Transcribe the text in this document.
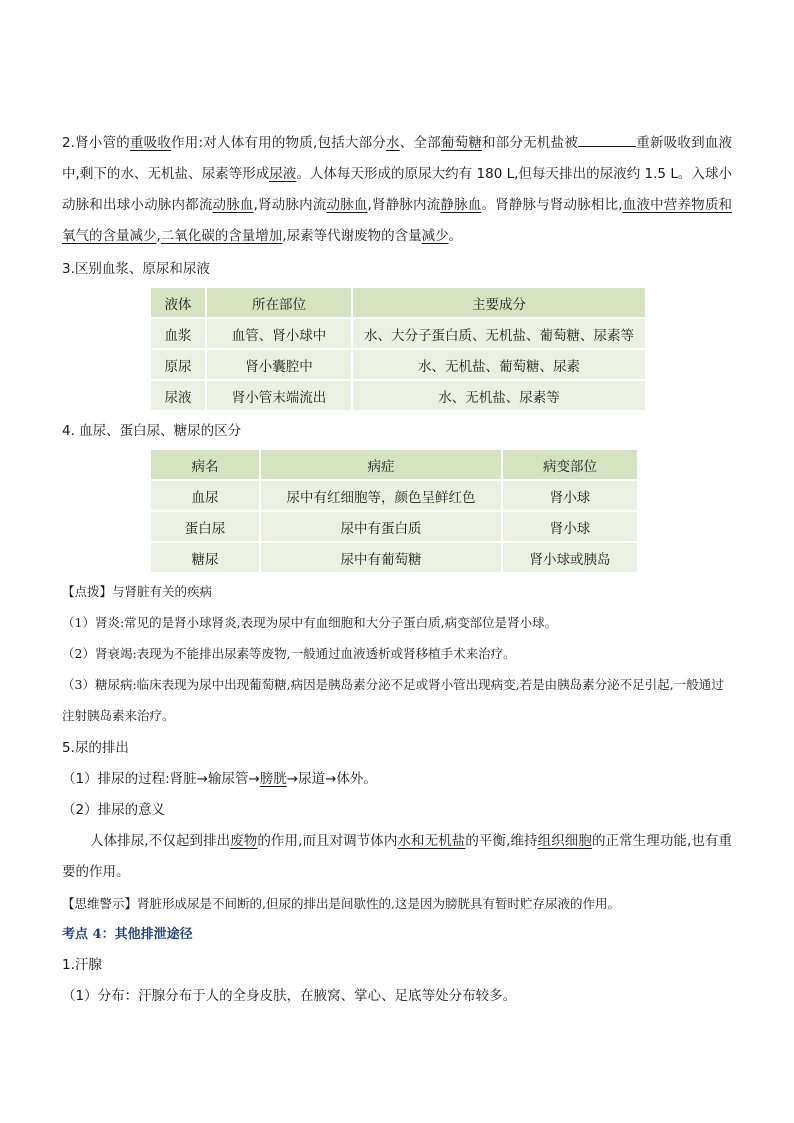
2.肾小管的重吸收作用:对人体有用的物质,包括大部分水、全部葡萄糖和部分无机盐被	重新吸收到血液中,剩下的水、无机盐、尿素等形成尿液。人体每天形成的原尿大约有 180 L,但每天排出的尿液约 1.5 L。入球小动脉和出球小动脉内都流动脉血,肾动脉内流动脉血,肾静脉内流静脉血。肾静脉与肾动脉相比,血液中营养物质和氧气的含量减少,二氧化碳的含量增加,尿素等代谢废物的含量减少。

3.区别血浆、原尿和尿液

液体	所在部位	主要成分
血浆	血管、肾小球中	水、大分子蛋白质、无机盐、葡萄糖、尿素等
原尿	肾小囊腔中	水、无机盐、葡萄糖、尿素
尿液	肾小管末端流出	水、无机盐、尿素等

4. 血尿、蛋白尿、糖尿的区分

病名	病症	病变部位
血尿	尿中有红细胞等，颜色呈鲜红色	肾小球
蛋白尿	尿中有蛋白质	肾小球
糖尿	尿中有葡萄糖	肾小球或胰岛

【点拨】与肾脏有关的疾病

（1）肾炎:常见的是肾小球肾炎,表现为尿中有血细胞和大分子蛋白质,病变部位是肾小球。

（2）肾衰竭:表现为不能排出尿素等废物,一般通过血液透析或肾移植手术来治疗。

（3）糖尿病:临床表现为尿中出现葡萄糖,病因是胰岛素分泌不足或肾小管出现病变,若是由胰岛素分泌不足引起,一般通过注射胰岛素来治疗。

5.尿的排出

（1）排尿的过程:肾脏→输尿管→膀胱→尿道→体外。

（2）排尿的意义

人体排尿,不仅起到排出废物的作用,而且对调节体内水和无机盐的平衡,维持组织细胞的正常生理功能,也有重要的作用。

【思维警示】肾脏形成尿是不间断的,但尿的排出是间歇性的,这是因为膀胱具有暂时贮存尿液的作用。

考点 4：其他排泄途径

1.汗腺

（1）分布：汗腺分布于人的全身皮肤，在腋窝、掌心、足底等处分布较多。
